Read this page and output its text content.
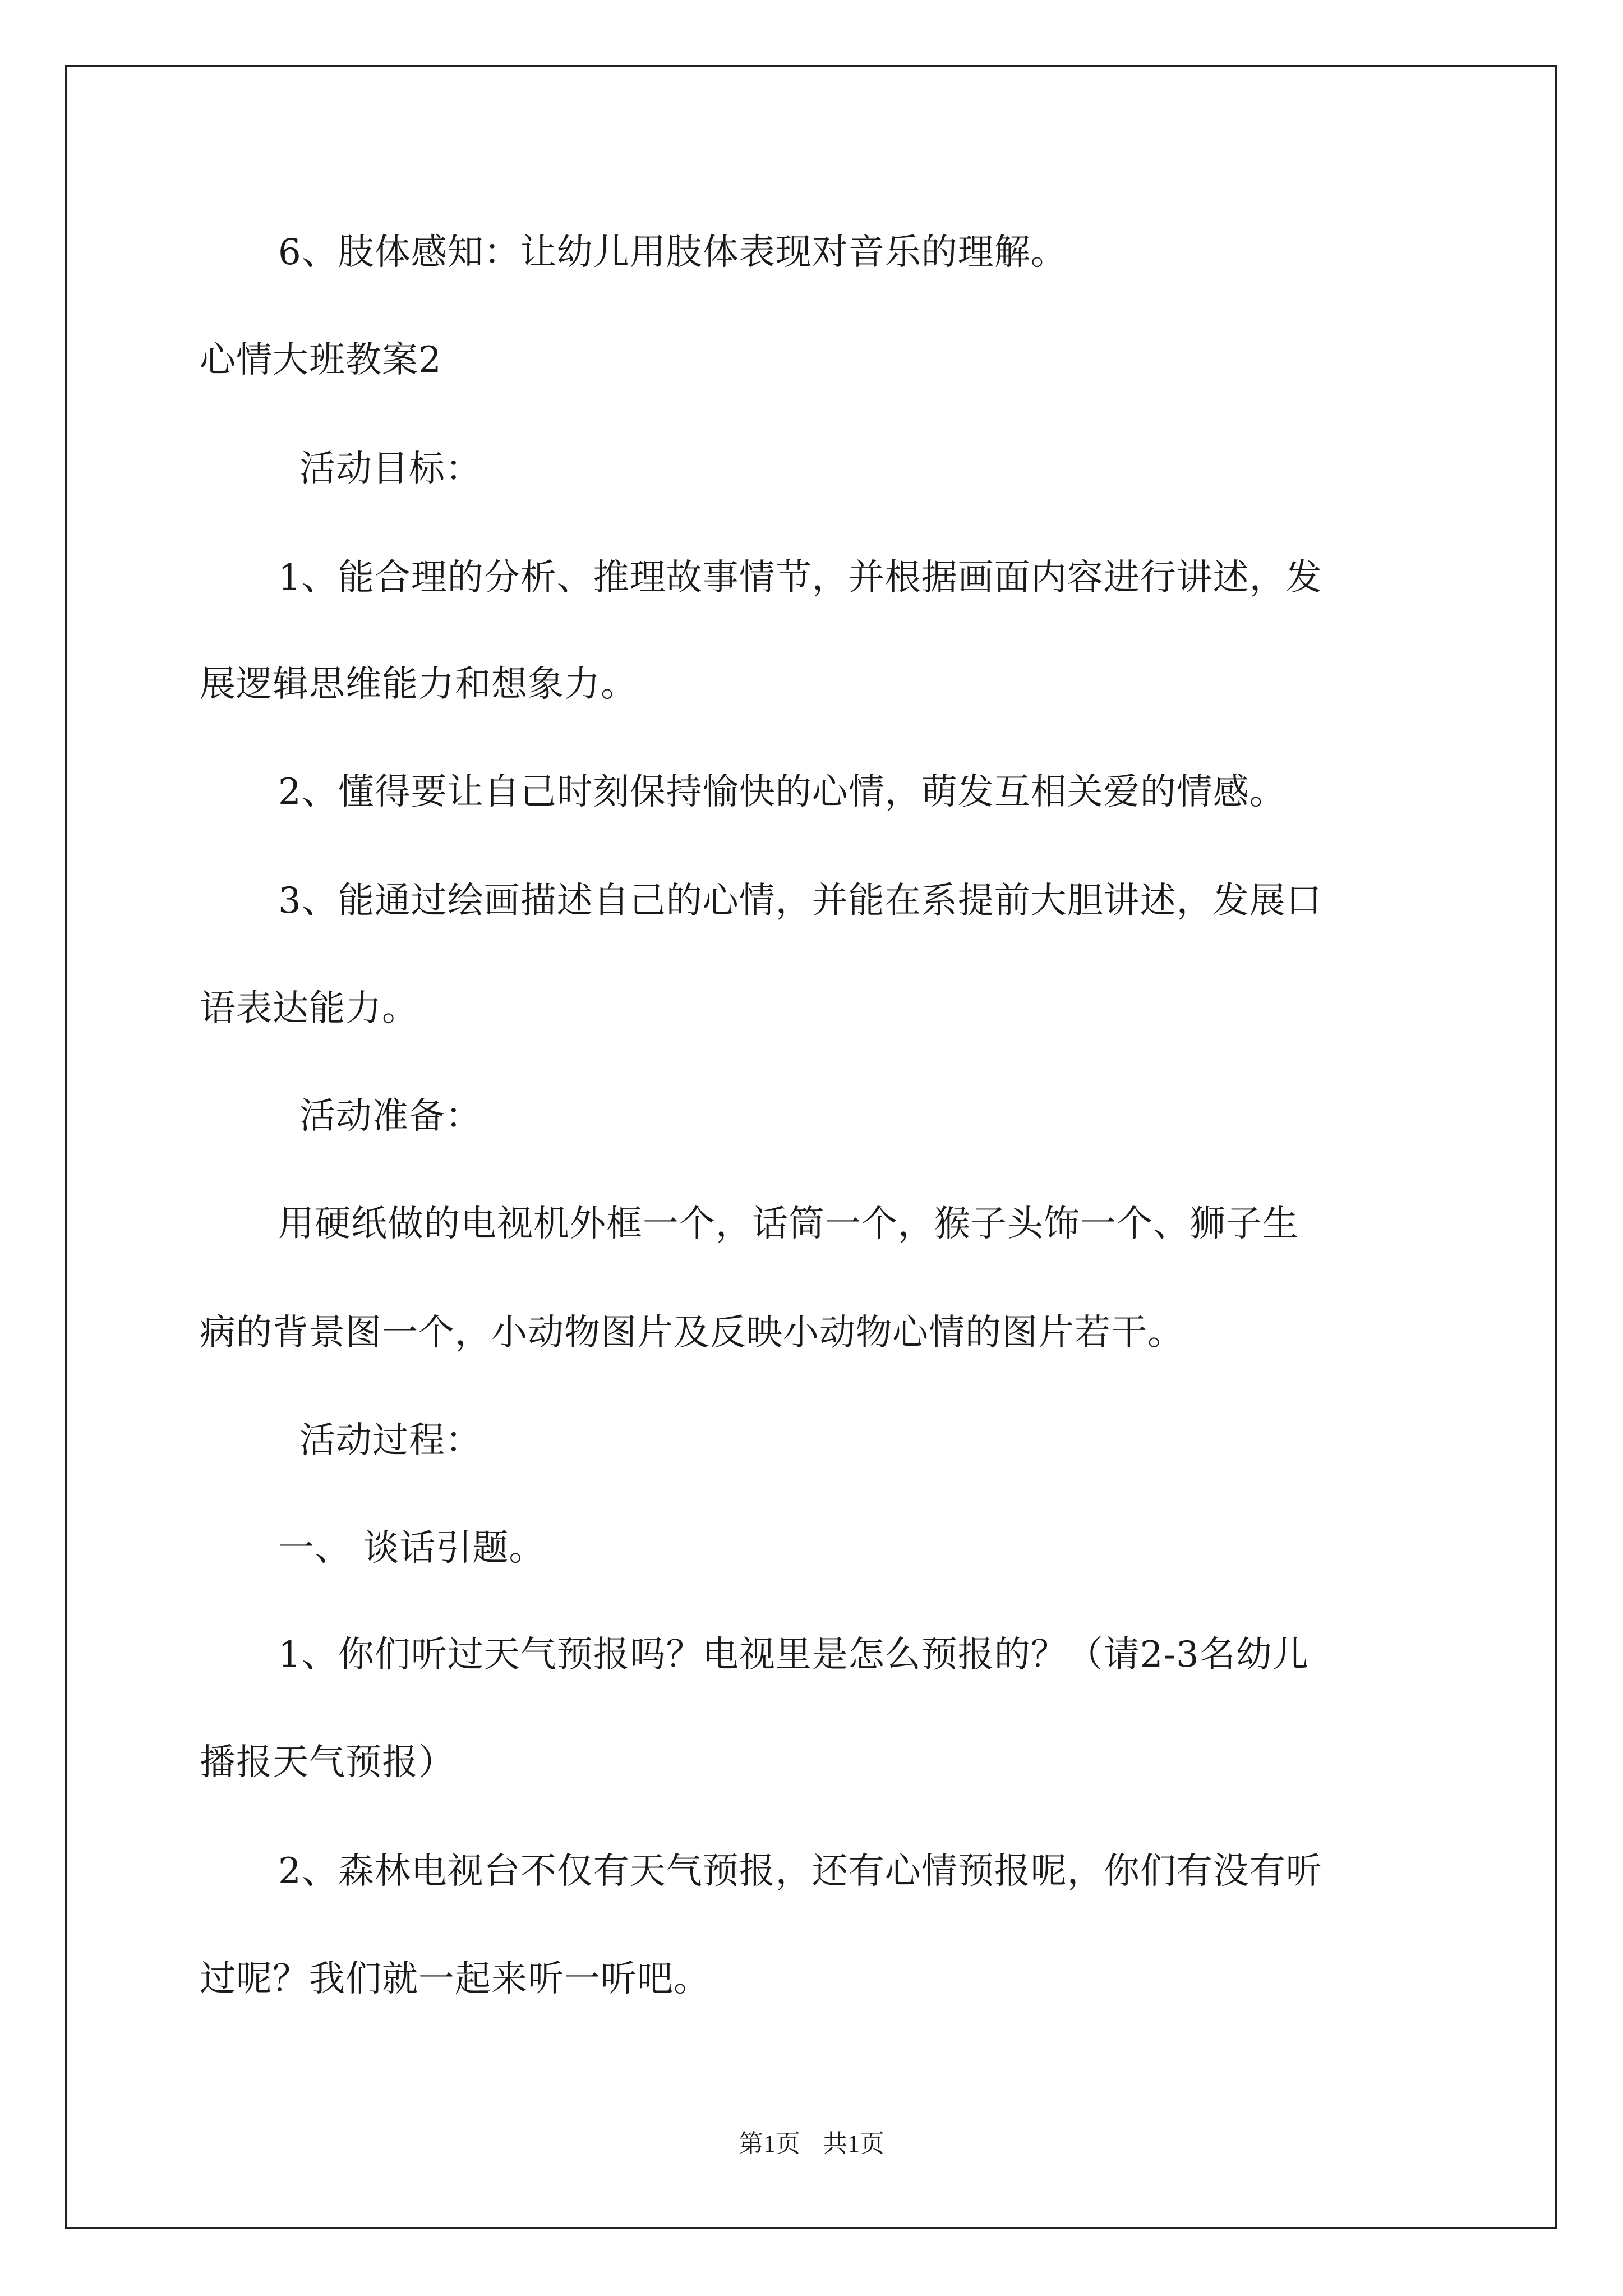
6、肢体感知：让幼儿用肢体表现对音乐的理解。
心情大班教案2
活动目标：
1、能合理的分析、推理故事情节，并根据画面内容进行讲述，发
展逻辑思维能力和想象力。
2、懂得要让自己时刻保持愉快的心情，萌发互相关爱的情感。
3、能通过绘画描述自己的心情，并能在系提前大胆讲述，发展口
语表达能力。
活动准备：
用硬纸做的电视机外框一个，话筒一个，猴子头饰一个、狮子生
病的背景图一个，小动物图片及反映小动物心情的图片若干。
活动过程：
一、 谈话引题。
1、你们听过天气预报吗？电视里是怎么预报的？（请2-3名幼儿
播报天气预报）
2、森林电视台不仅有天气预报，还有心情预报呢，你们有没有听
过呢？我们就一起来听一听吧。
第1页 共1页
